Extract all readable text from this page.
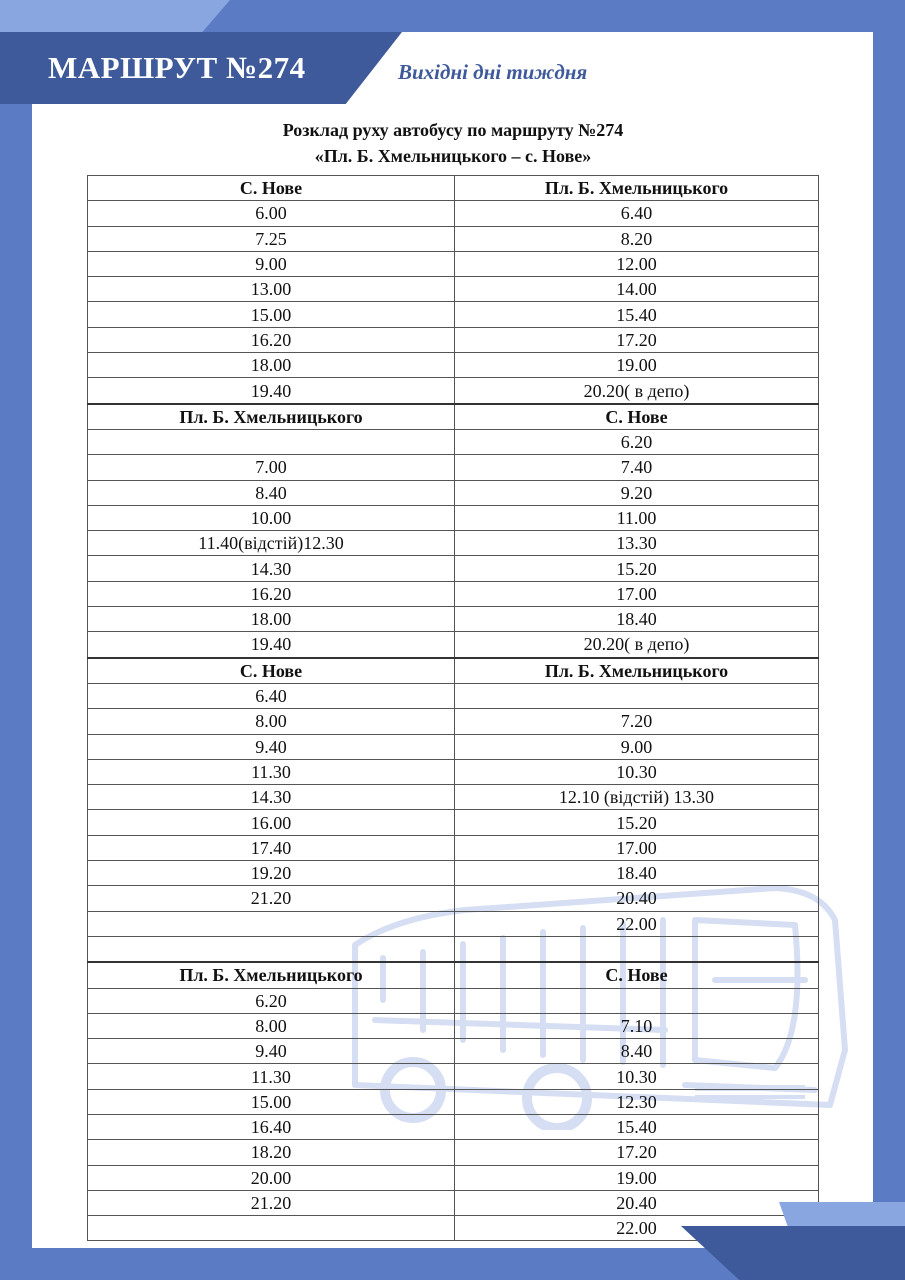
МАРШРУТ №274	Вихідні дні тиждня
Розклад руху автобусу по маршруту №274
«Пл. Б. Хмельницького – с. Нове»
С. Нове	Пл. Б. Хмельницького
6.00	6.40
7.25	8.20
9.00	12.00
13.00	14.00
15.00	15.40
16.20	17.20
18.00	19.00
19.40	20.20( в депо)
Пл. Б. Хмельницького	С. Нове
	6.20
7.00	7.40
8.40	9.20
10.00	11.00
11.40(відстій)12.30	13.30
14.30	15.20
16.20	17.00
18.00	18.40
19.40	20.20( в депо)
С. Нове	Пл. Б. Хмельницького
6.40	
8.00	7.20
9.40	9.00
11.30	10.30
14.30	12.10 (відстій) 13.30
16.00	15.20
17.40	17.00
19.20	18.40
21.20	20.40
	22.00

Пл. Б. Хмельницького	С. Нове
6.20	
8.00	7.10
9.40	8.40
11.30	10.30
15.00	12.30
16.40	15.40
18.20	17.20
20.00	19.00
21.20	20.40
	22.00
